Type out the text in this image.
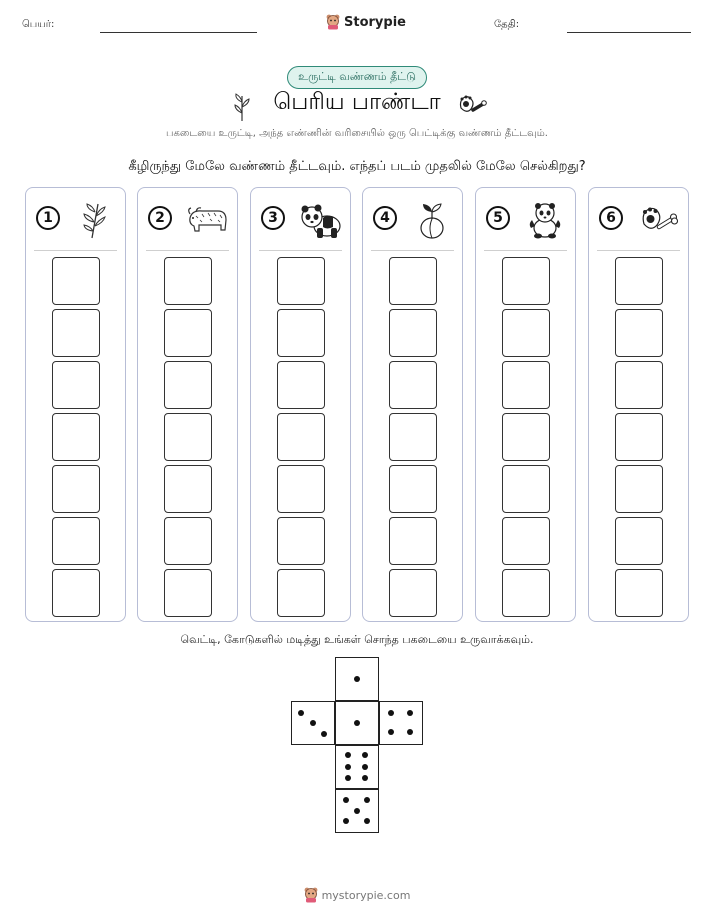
பெயர்:	Storypie	தேதி:
உருட்டி வண்ணம் தீட்டு
பெரிய பாண்டா
பகடையை உருட்டி, அந்த எண்ணின் வரிசையில் ஒரு பெட்டிக்கு வண்ணம் தீட்டவும்.
கீழிருந்து மேலே வண்ணம் தீட்டவும். எந்தப் படம் முதலில் மேலே செல்கிறது?
1	2	3	4	5	6
வெட்டி, கோடுகளில் மடித்து உங்கள் சொந்த பகடையை உருவாக்கவும்.
mystorypie.com
